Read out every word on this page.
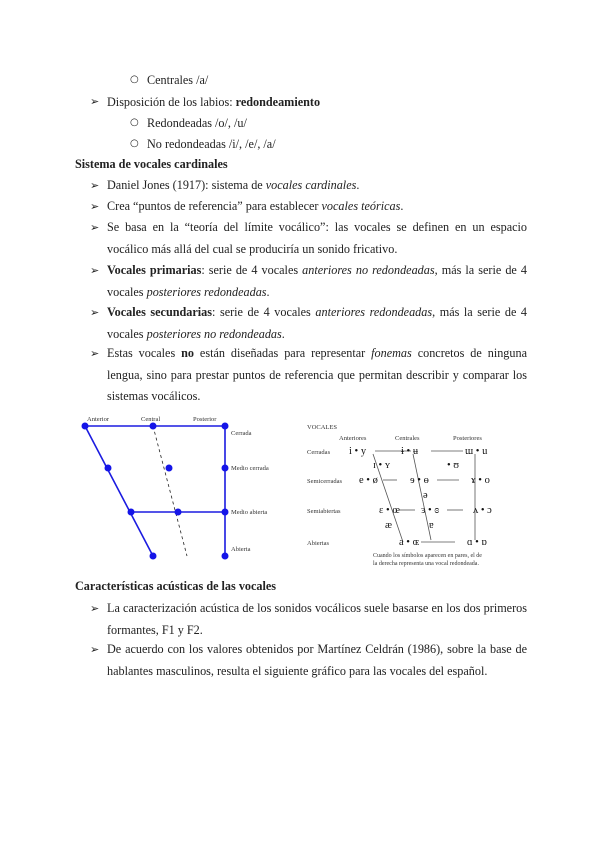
○ Centrales /a/
➢ Disposición de los labios: redondeamiento
○ Redondeadas /o/, /u/
○ No redondeadas /i/, /e/, /a/
Sistema de vocales cardinales
➢ Daniel Jones (1917): sistema de vocales cardinales.
➢ Crea “puntos de referencia” para establecer vocales teóricas.
➢ Se basa en la “teoría del límite vocálico”: las vocales se definen en un espacio vocálico más allá del cual se produciría un sonido fricativo.
➢ Vocales primarias: serie de 4 vocales anteriores no redondeadas, más la serie de 4 vocales posteriores redondeadas.
➢ Vocales secundarias: serie de 4 vocales anteriores redondeadas, más la serie de 4 vocales posteriores no redondeadas.
➢ Estas vocales no están diseñadas para representar fonemas concretos de ninguna lengua, sino para prestar puntos de referencia que permitan describir y comparar los sistemas vocálicos.
Anterior	Central	Posterior
Cerrada
Medio cerrada
Medio abierta
Abierta
VOCALES
Anteriores	Centrales	Posteriores
Cerradas
Semicerradas
Semiabiertas
Abiertas
Cuando los símbolos aparecen en pares, el de
la derecha representa una vocal redondeada.
i • y	ɨ • ʉ	ɯ • u
ɪ • ʏ	• ʊ
e • ø	ɘ • ɵ	ɤ • o
ə
ɛ • œ ɜ • ɞ	ʌ • ɔ
æ	ɐ
a • ɶ	ɑ • ɒ
Características acústicas de las vocales
➢ La caracterización acústica de los sonidos vocálicos suele basarse en los dos primeros formantes, F1 y F2.
➢ De acuerdo con los valores obtenidos por Martínez Celdrán (1986), sobre la base de hablantes masculinos, resulta el siguiente gráfico para las vocales del español.
